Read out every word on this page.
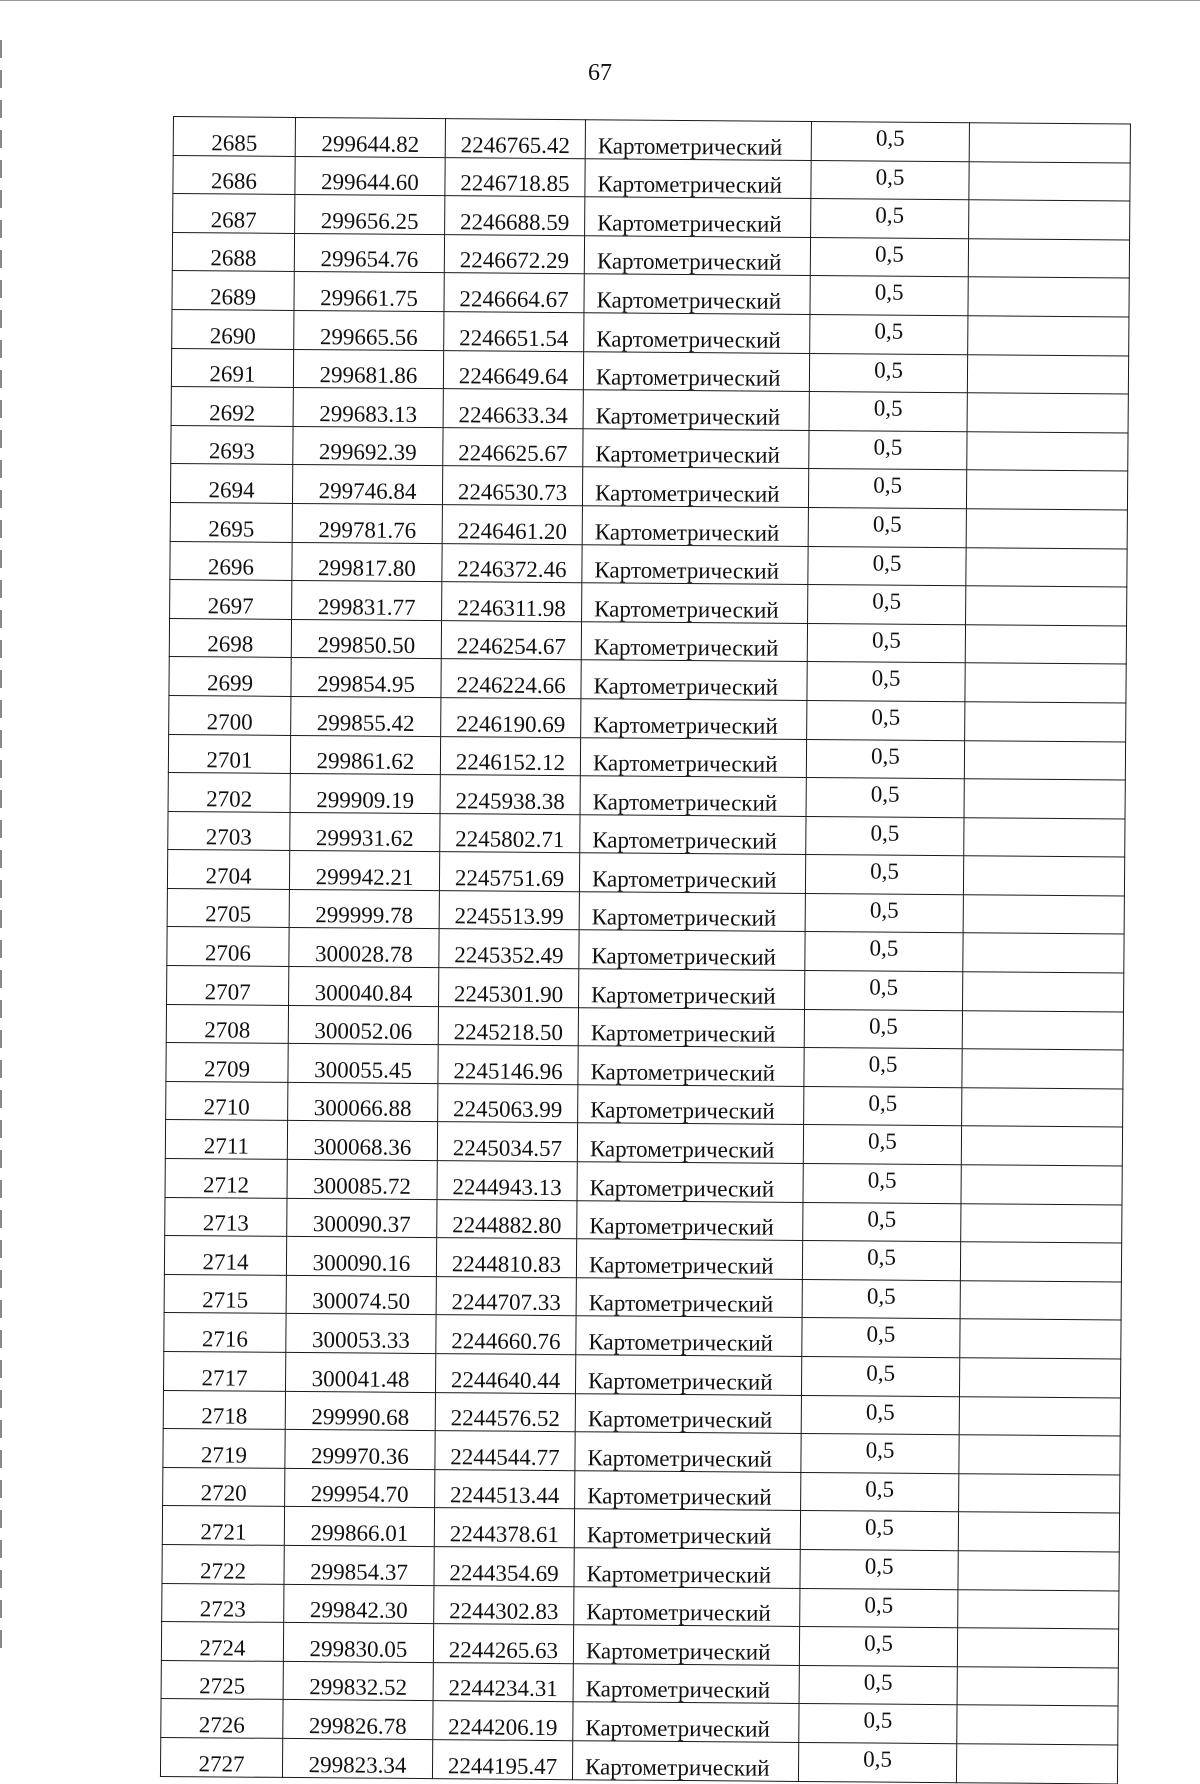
67
2685	299644.82	2246765.42	Картометрический	0,5	
2686	299644.60	2246718.85	Картометрический	0,5	
2687	299656.25	2246688.59	Картометрический	0,5	
2688	299654.76	2246672.29	Картометрический	0,5	
2689	299661.75	2246664.67	Картометрический	0,5	
2690	299665.56	2246651.54	Картометрический	0,5	
2691	299681.86	2246649.64	Картометрический	0,5	
2692	299683.13	2246633.34	Картометрический	0,5	
2693	299692.39	2246625.67	Картометрический	0,5	
2694	299746.84	2246530.73	Картометрический	0,5	
2695	299781.76	2246461.20	Картометрический	0,5	
2696	299817.80	2246372.46	Картометрический	0,5	
2697	299831.77	2246311.98	Картометрический	0,5	
2698	299850.50	2246254.67	Картометрический	0,5	
2699	299854.95	2246224.66	Картометрический	0,5	
2700	299855.42	2246190.69	Картометрический	0,5	
2701	299861.62	2246152.12	Картометрический	0,5	
2702	299909.19	2245938.38	Картометрический	0,5	
2703	299931.62	2245802.71	Картометрический	0,5	
2704	299942.21	2245751.69	Картометрический	0,5	
2705	299999.78	2245513.99	Картометрический	0,5	
2706	300028.78	2245352.49	Картометрический	0,5	
2707	300040.84	2245301.90	Картометрический	0,5	
2708	300052.06	2245218.50	Картометрический	0,5	
2709	300055.45	2245146.96	Картометрический	0,5	
2710	300066.88	2245063.99	Картометрический	0,5	
2711	300068.36	2245034.57	Картометрический	0,5	
2712	300085.72	2244943.13	Картометрический	0,5	
2713	300090.37	2244882.80	Картометрический	0,5	
2714	300090.16	2244810.83	Картометрический	0,5	
2715	300074.50	2244707.33	Картометрический	0,5	
2716	300053.33	2244660.76	Картометрический	0,5	
2717	300041.48	2244640.44	Картометрический	0,5	
2718	299990.68	2244576.52	Картометрический	0,5	
2719	299970.36	2244544.77	Картометрический	0,5	
2720	299954.70	2244513.44	Картометрический	0,5	
2721	299866.01	2244378.61	Картометрический	0,5	
2722	299854.37	2244354.69	Картометрический	0,5	
2723	299842.30	2244302.83	Картометрический	0,5	
2724	299830.05	2244265.63	Картометрический	0,5	
2725	299832.52	2244234.31	Картометрический	0,5	
2726	299826.78	2244206.19	Картометрический	0,5	
2727	299823.34	2244195.47	Картометрический	0,5	
